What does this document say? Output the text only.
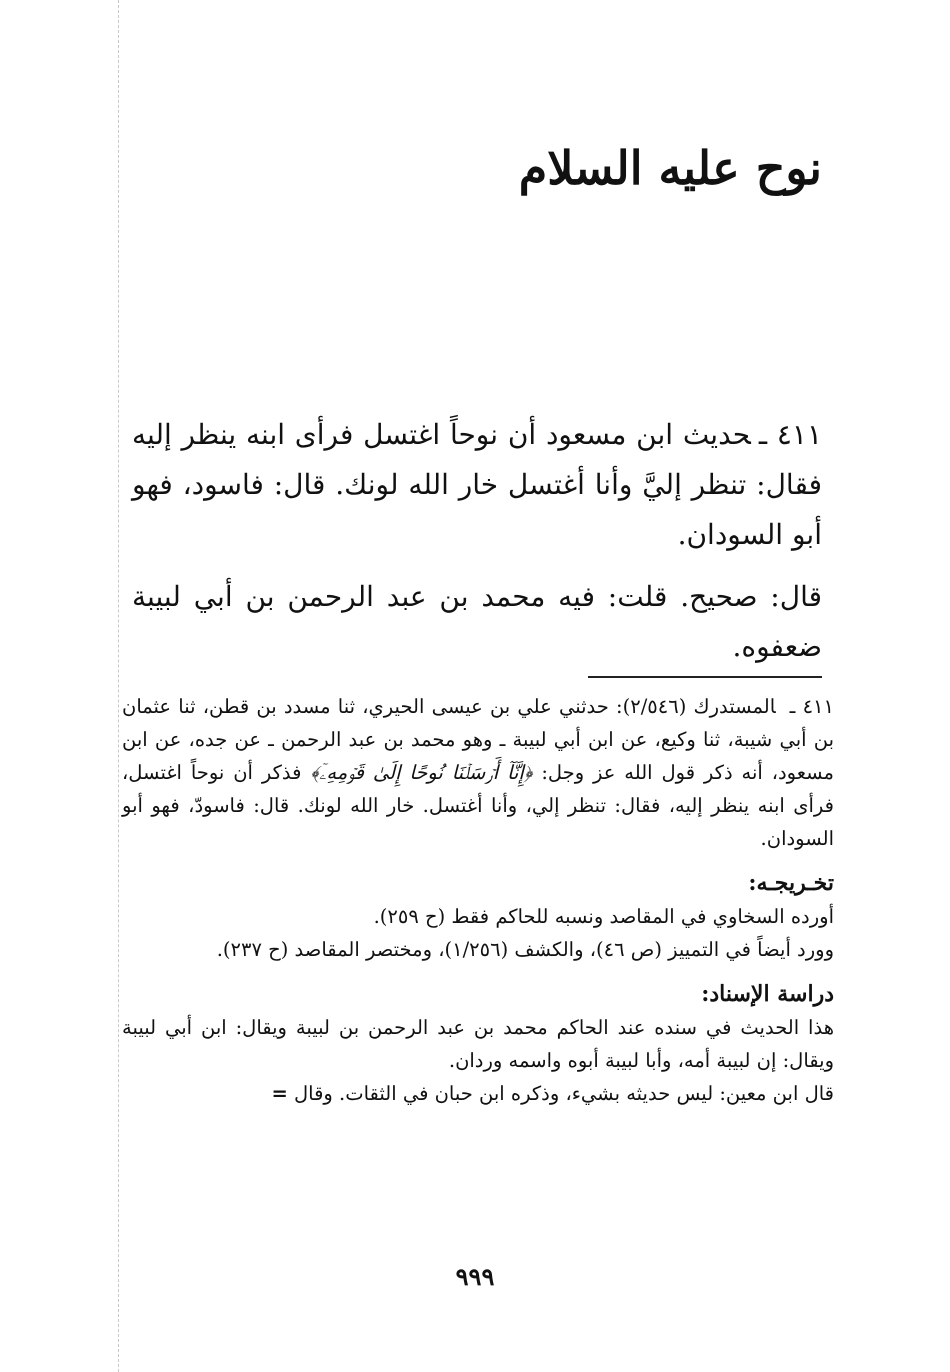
نوح عليه السلام

٤١١ ـحديث ابن مسعود أن نوحاً اغتسل فرأى ابنه ينظر إليه فقال: تنظر إليَّ وأنا أغتسل خار الله لونك. قال: فاسود، فهو أبو السودان.

قال: صحيح. قلت: فيه محمد بن عبد الرحمن بن أبي لبيبة ضعفوه.

٤١١ ـالمستدرك (٢/٥٤٦): حدثني علي بن عيسى الحيري، ثنا مسدد بن قطن، ثنا عثمان بن أبي شيبة، ثنا وكيع، عن ابن أبي لبيبة ـ وهو محمد بن عبد الرحمن ـ عن جده، عن ابن مسعود، أنه ذكر قول الله عز وجل: ﴿إِنَّآ أَرۡسَلۡنَا نُوحًا إِلَىٰ قَوۡمِهِۦٓ﴾ فذكر أن نوحاً اغتسل، فرأى ابنه ينظر إليه، فقال: تنظر إلي، وأنا أغتسل. خار الله لونك. قال: فاسودّ، فهو أبو السودان.

تخـريجـه:

أورده السخاوي في المقاصد ونسبه للحاكم فقط (ح ٢٥٩).

وورد أيضاً في التمييز (ص ٤٦)، والكشف (١/٢٥٦)، ومختصر المقاصد (ح ٢٣٧).

دراسة الإسناد:

هذا الحديث في سنده عند الحاكم محمد بن عبد الرحمن بن لبيبة ويقال: ابن أبي لبيبة ويقال: إن لبيبة أمه، وأبا لبيبة أبوه واسمه وردان.

قال ابن معين: ليس حديثه بشيء، وذكره ابن حبان في الثقات. وقال =

٩٩٩
